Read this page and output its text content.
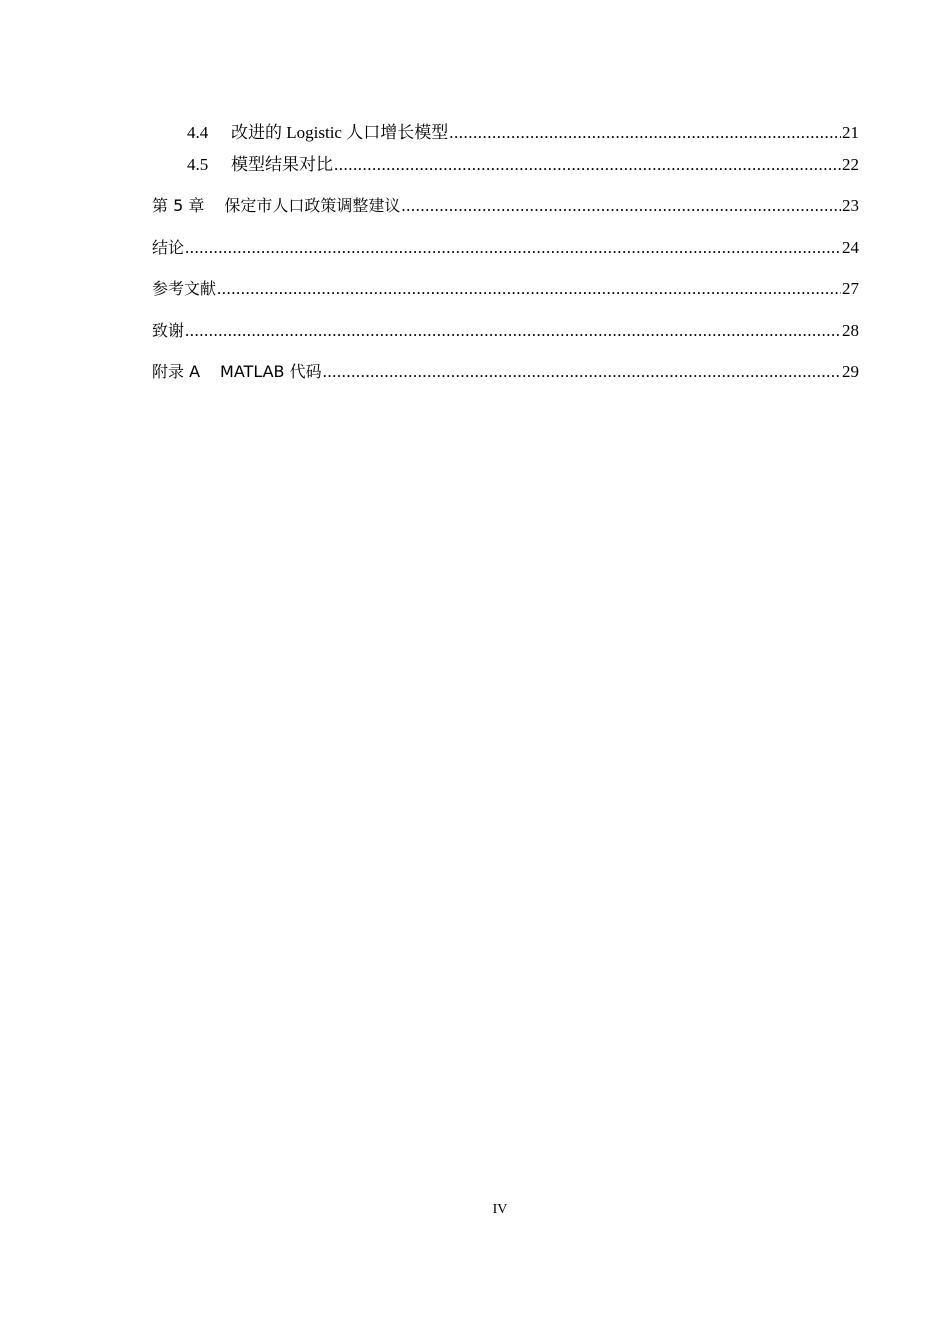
4.4	改进的 Logistic 人口增长模型 .....	21
4.5	模型结果对比 .....	22
第 5 章 保定市人口政策调整建议 .....	23
结论 .....	24
参考文献 .....	27
致谢 .....	28
附录 A MATLAB 代码 .....	29
IV
